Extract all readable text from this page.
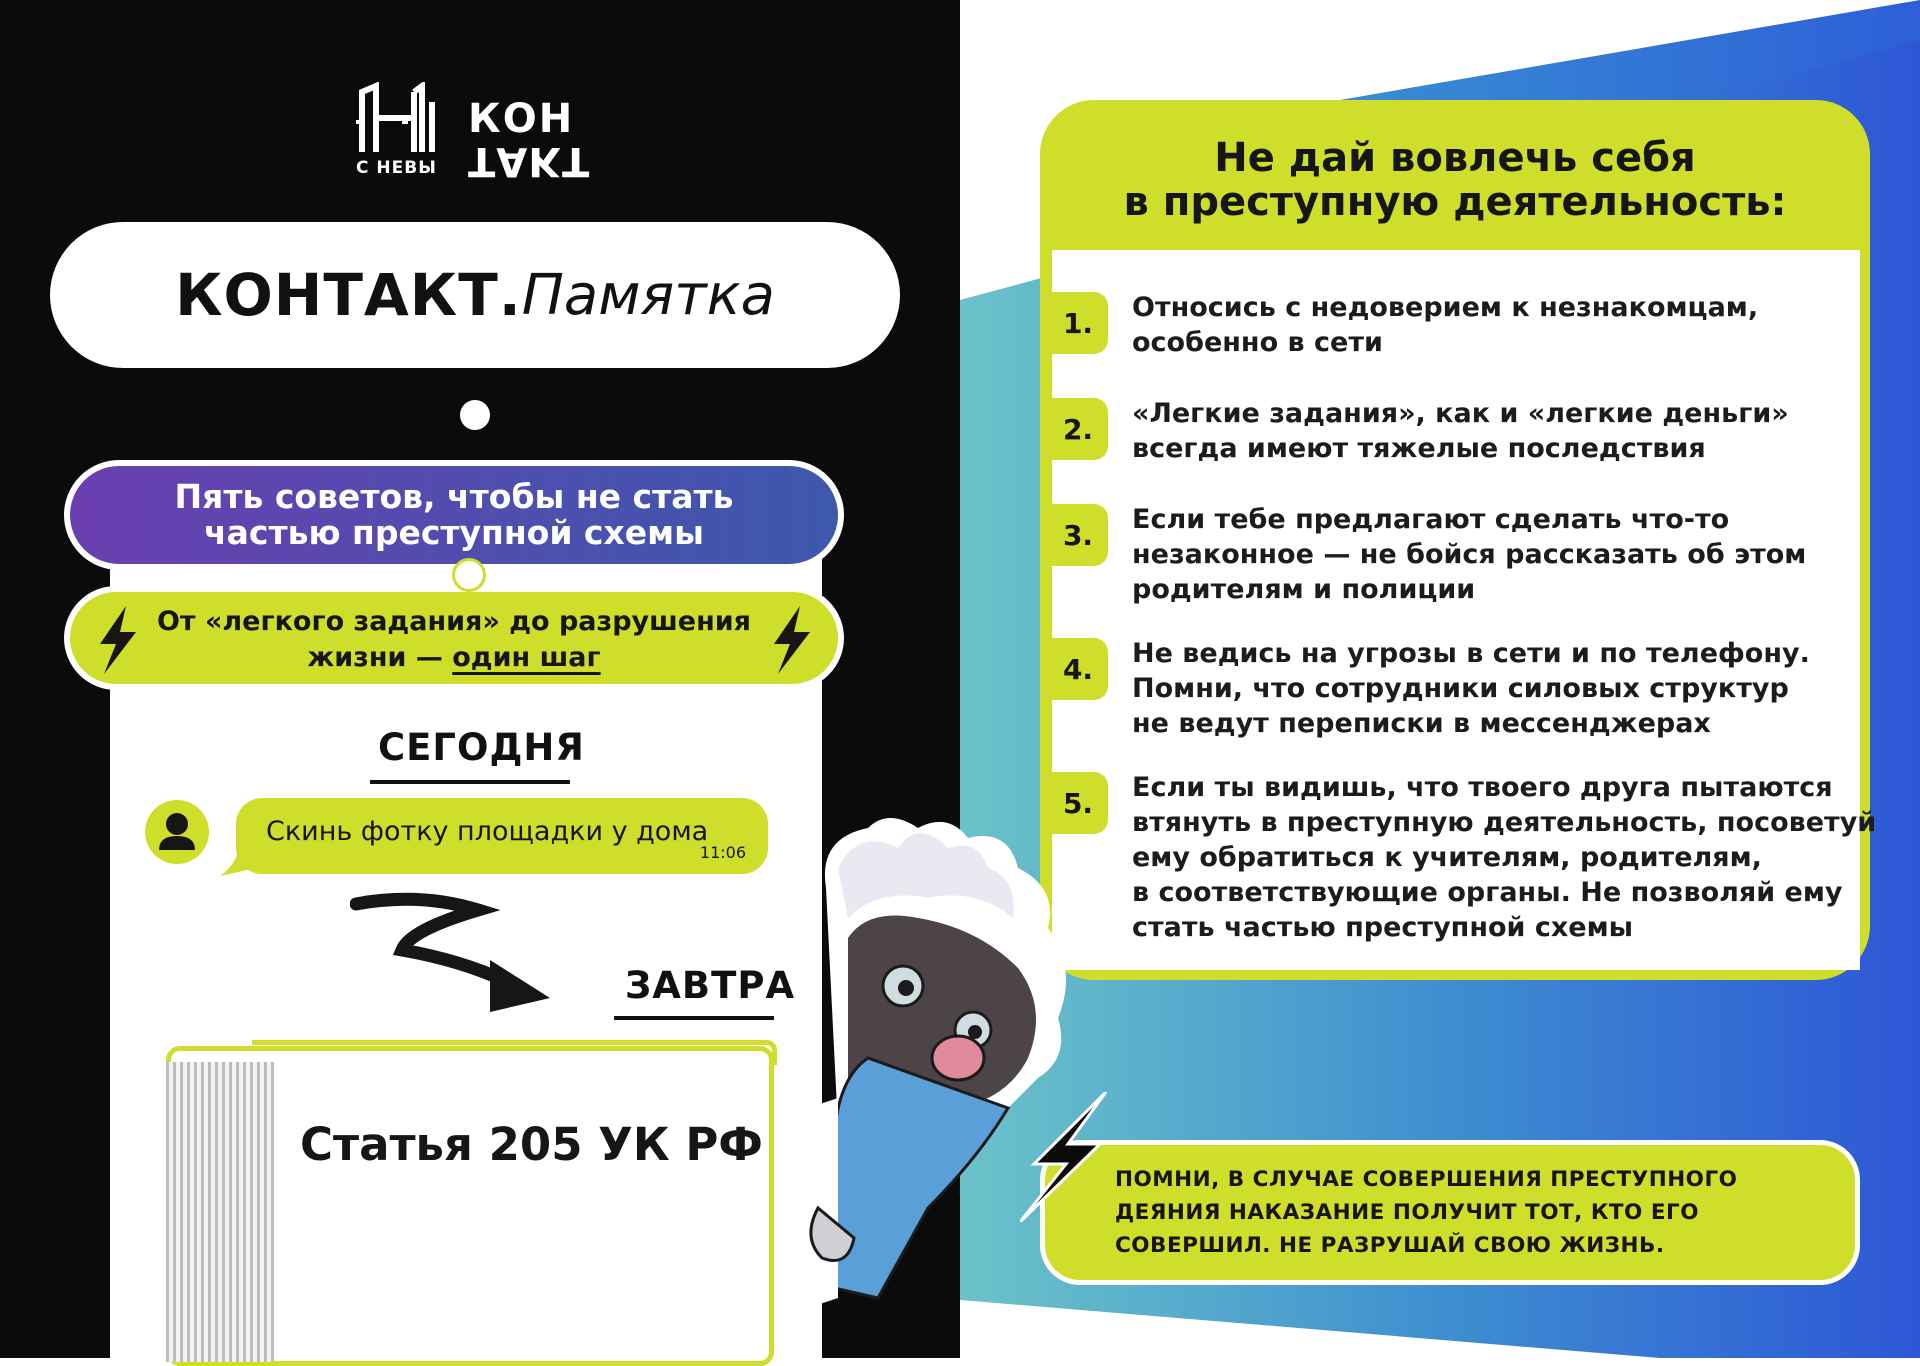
С НЕВЫ
КОН
ТАКТ
КОНТАКТ. Памятка
Пять советов, чтобы не стать
частью преступной схемы
От «легкого задания» до разрушения
жизни — один шаг
СЕГОДНЯ
Скинь фотку площадки у дома
11:06
ЗАВТРА
Статья 205 УК РФ
Не дай вовлечь себя
в преступную деятельность:
1.	Относись с недоверием к незнакомцам,
особенно в сети
2.	«Легкие задания», как и «легкие деньги»
всегда имеют тяжелые последствия
3.	Если тебе предлагают сделать что-то
незаконное — не бойся рассказать об этом
родителям и полиции
4.	Не ведись на угрозы в сети и по телефону.
Помни, что сотрудники силовых структур
не ведут переписки в мессенджерах
5.	Если ты видишь, что твоего друга пытаются
втянуть в преступную деятельность, посоветуй
ему обратиться к учителям, родителям,
в соответствующие органы. Не позволяй ему
стать частью преступной схемы
ПОМНИ, В СЛУЧАЕ СОВЕРШЕНИЯ ПРЕСТУПНОГО
ДЕЯНИЯ НАКАЗАНИЕ ПОЛУЧИТ ТОТ, КТО ЕГО
СОВЕРШИЛ. НЕ РАЗРУШАЙ СВОЮ ЖИЗНЬ.
